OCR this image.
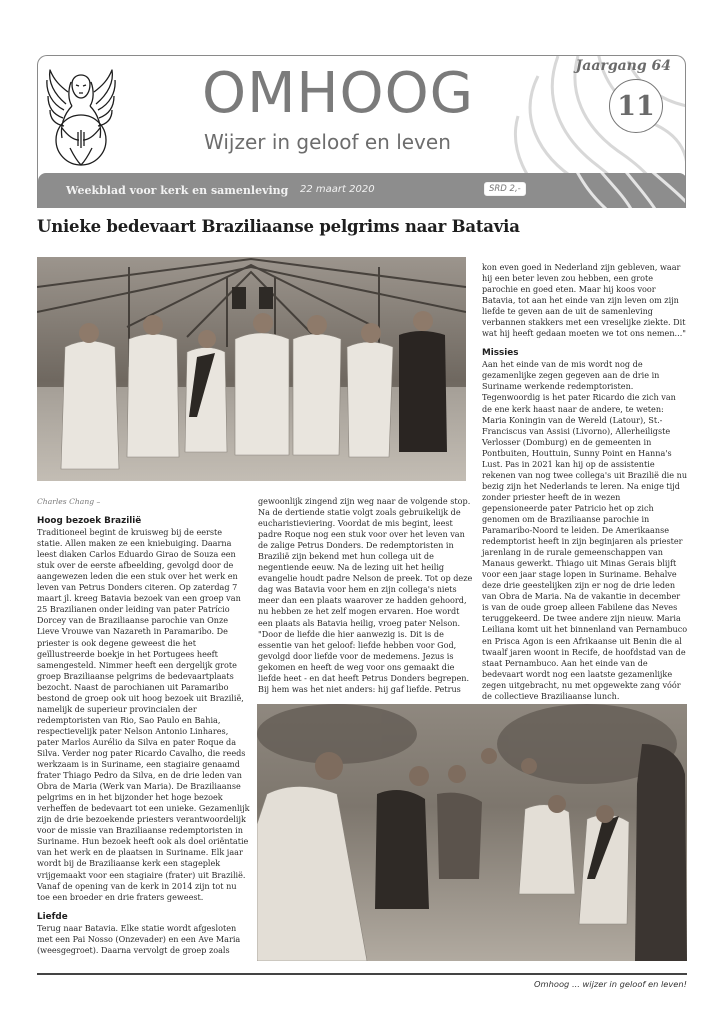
OMHOOG
Wijzer in geloof en leven
Jaargang 64
11
Weekblad voor kerk en samenleving 22 maart 2020	SRD 2,-
Unieke bedevaart Braziliaanse pelgrims naar Batavia

kon even goed in Nederland zijn gebleven, waar hij een beter leven zou hebben, een grote parochie en goed eten. Maar hij koos voor Batavia, tot aan het einde van zijn leven om zijn liefde te geven aan de uit de samenleving verbannen stakkers met een vreselijke ziekte. Dit wat hij heeft gedaan moeten we tot ons nemen..."

Missies

Aan het einde van de mis wordt nog de gezamenlijke zegen gegeven aan de drie in Suriname werkende redemptoristen. Tegenwoordig is het pater Ricardo die zich van de ene kerk haast naar de andere, te weten: Maria Koningin van de Wereld (Latour), St.-Franciscus van Assisi (Livorno), Allerheiligste Verlosser (Domburg) en de gemeenten in Pontbuiten, Houttuin, Sunny Point en Hanna's Lust. Pas in 2021 kan hij op de assistentie rekenen van nog twee collega's uit Brazilië die nu bezig zijn het Nederlands te leren. Na enige tijd zonder priester heeft de in wezen gepensioneerde pater Patricio het op zich genomen om de Braziliaanse parochie in Paramaribo-Noord te leiden. De Amerikaanse redemptorist heeft in zijn beginjaren als priester jarenlang in de rurale gemeenschappen van Manaus gewerkt. Thiago uit Minas Gerais blijft voor een jaar stage lopen in Suriname. Behalve deze drie geestelijken zijn er nog de drie leden van Obra de Maria. Na de vakantie in december is van de oude groep alleen Fabilene das Neves teruggekeerd. De twee andere zijn nieuw. Maria Leiliana komt uit het binnenland van Pernambuco en Prisca Agon is een Afrikaanse uit Benin die al twaalf jaren woont in Recife, de hoofdstad van de staat Pernambuco. Aan het einde van de bedevaart wordt nog een laatste gezamenlijke zegen uitgebracht, nu met opgewekte zang vóór de collectieve Braziliaanse lunch.

Charles Chang –

Hoog bezoek Brazilië

Traditioneel begint de kruisweg bij de eerste statie. Allen maken ze een kniebuiging. Daarna leest diaken Carlos Eduardo Girao de Souza een stuk over de eerste afbeelding, gevolgd door de aangewezen leden die een stuk over het werk en leven van Petrus Donders citeren. Op zaterdag 7 maart jl. kreeg Batavia bezoek van een groep van 25 Brazilianen onder leiding van pater Patrício Dorcey van de Braziliaanse parochie van Onze Lieve Vrouwe van Nazareth in Paramaribo. De priester is ook degene geweest die het geïllustreerde boekje in het Portugees heeft samengesteld. Nimmer heeft een dergelijk grote groep Braziliaanse pelgrims de bedevaartplaats bezocht. Naast de parochianen uit Paramaribo bestond de groep ook uit hoog bezoek uit Brazilië, namelijk de superieur provincialen der redemptoristen van Rio, Sao Paulo en Bahia, respectievelijk pater Nelson Antonio Linhares, pater Marlos Aurélio da Silva en pater Roque da Silva. Verder nog pater Ricardo Cavalho, die reeds werkzaam is in Suriname, een stagiaire genaamd frater Thiago Pedro da Silva, en de drie leden van Obra de Maria (Werk van Maria). De Braziliaanse pelgrims en in het bijzonder het hoge bezoek verheffen de bedevaart tot een unieke. Gezamenlijk zijn de drie bezoekende priesters verantwoordelijk voor de missie van Braziliaanse redemptoristen in Suriname. Hun bezoek heeft ook als doel oriëntatie van het werk en de plaatsen in Suriname. Elk jaar wordt bij de Braziliaanse kerk een stageplek vrijgemaakt voor een stagiaire (frater) uit Brazilië. Vanaf de opening van de kerk in 2014 zijn tot nu toe een broeder en drie fraters geweest.

Liefde

Terug naar Batavia. Elke statie wordt afgesloten met een Pai Nosso (Onzevader) en een Ave Maria (weesgegroet). Daarna vervolgt de groep zoals

gewoonlijk zingend zijn weg naar de volgende stop. Na de dertiende statie volgt zoals gebruikelijk de eucharistieviering. Voordat de mis begint, leest padre Roque nog een stuk voor over het leven van de zalige Petrus Donders. De redemptoristen in Brazilië zijn bekend met hun collega uit de negentiende eeuw. Na de lezing uit het heilig evangelie houdt padre Nelson de preek. Tot op deze dag was Batavia voor hem en zijn collega's niets meer dan een plaats waarover ze hadden gehoord, nu hebben ze het zelf mogen ervaren. Hoe wordt een plaats als Batavia heilig, vroeg pater Nelson. "Door de liefde die hier aanwezig is. Dit is de essentie van het geloof: liefde hebben voor God, gevolgd door liefde voor de medemens. Jezus is gekomen en heeft de weg voor ons gemaakt die liefde heet - en dat heeft Petrus Donders begrepen. Bij hem was het niet anders: hij gaf liefde. Petrus

Omhoog ... wijzer in geloof en leven!
